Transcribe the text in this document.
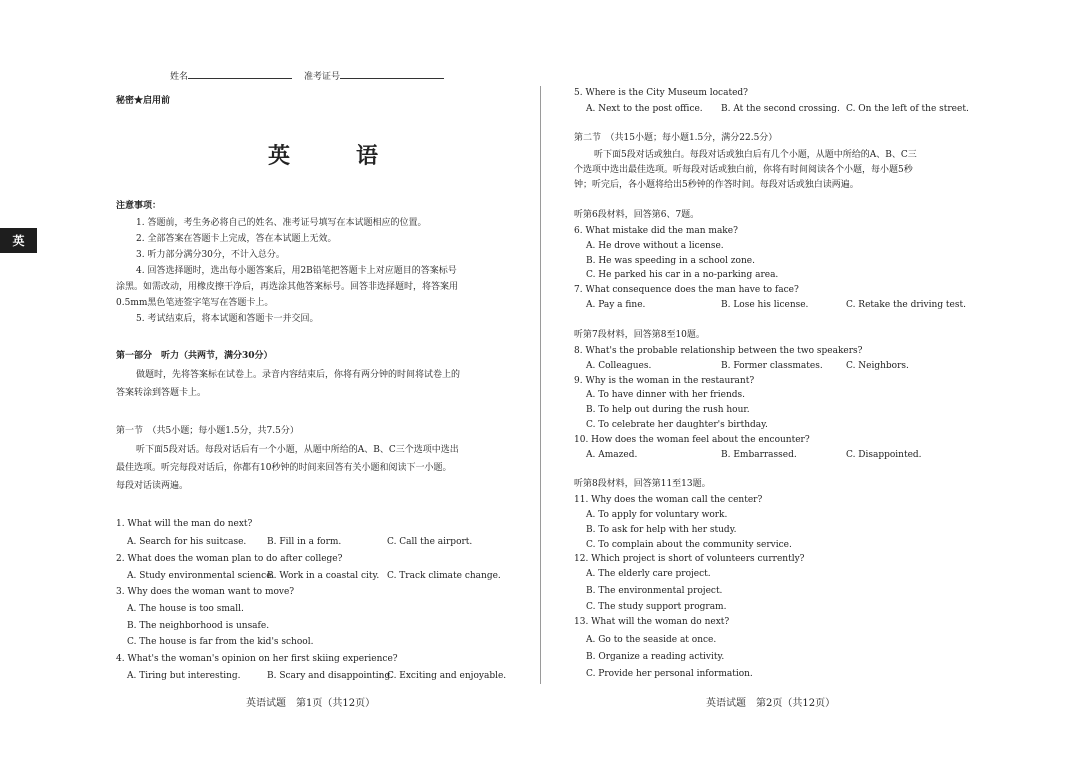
英
姓名	准考证号
秘密★启用前
英　语
注意事项：
1. 答题前，考生务必将自己的姓名、准考证号填写在本试题相应的位置。
2. 全部答案在答题卡上完成，答在本试题上无效。
3. 听力部分满分30分，不计入总分。
4. 回答选择题时，选出每小题答案后，用2B铅笔把答题卡上对应题目的答案标号
涂黑。如需改动，用橡皮擦干净后，再选涂其他答案标号。回答非选择题时，将答案用
0.5mm黑色笔迹签字笔写在答题卡上。
5. 考试结束后，将本试题和答题卡一并交回。
第一部分　听力（共两节，满分30分）
做题时，先将答案标在试卷上。录音内容结束后，你将有两分钟的时间将试卷上的
答案转涂到答题卡上。
第一节　（共5小题；每小题1.5分，共7.5分）
听下面5段对话。每段对话后有一个小题，从题中所给的A、B、C三个选项中选出
最佳选项。听完每段对话后，你都有10秒钟的时间来回答有关小题和阅读下一小题。
每段对话读两遍。
1. What will the man do next?
A. Search for his suitcase. B. Fill in a form.	C. Call the airport.
2. What does the woman plan to do after college?
A. Study environmental science.
B. Work in a coastal city. C. Track climate change.
3. Why does the woman want to move?
A. The house is too small.
B. The neighborhood is unsafe.
C. The house is far from the kid's school.
4. What's the woman's opinion on her first skiing experience?
A. Tiring but interesting.	B. Scary and disappointing.
C. Exciting and enjoyable.
英语试题　第1页（共12页）
5. Where is the City Museum located?
A. Next to the post office. B. At the second crossing. C. On the left of the street.
第二节　（共15小题；每小题1.5分，满分22.5分）
听下面5段对话或独白。每段对话或独白后有几个小题，从题中所给的A、B、C三
个选项中选出最佳选项。听每段对话或独白前，你将有时间阅读各个小题，每小题5秒
钟；听完后，各小题将给出5秒钟的作答时间。每段对话或独白读两遍。
听第6段材料，回答第6、7题。
6. What mistake did the man make?
A. He drove without a license.
B. He was speeding in a school zone.
C. He parked his car in a no-parking area.
7. What consequence does the man have to face?
A. Pay a fine.	B. Lose his license.	C. Retake the driving test.
听第7段材料，回答第8至10题。
8. What's the probable relationship between the two speakers?
A. Colleagues.	B. Former classmates.	C. Neighbors.
9. Why is the woman in the restaurant?
A. To have dinner with her friends.
B. To help out during the rush hour.
C. To celebrate her daughter's birthday.
10. How does the woman feel about the encounter?
A. Amazed.	B. Embarrassed.	C. Disappointed.
听第8段材料，回答第11至13题。
11. Why does the woman call the center?
A. To apply for voluntary work.
B. To ask for help with her study.
C. To complain about the community service.
12. Which project is short of volunteers currently?
A. The elderly care project.
B. The environmental project.
C. The study support program.
13. What will the woman do next?
A. Go to the seaside at once.
B. Organize a reading activity.
C. Provide her personal information.
英语试题　第2页（共12页）
